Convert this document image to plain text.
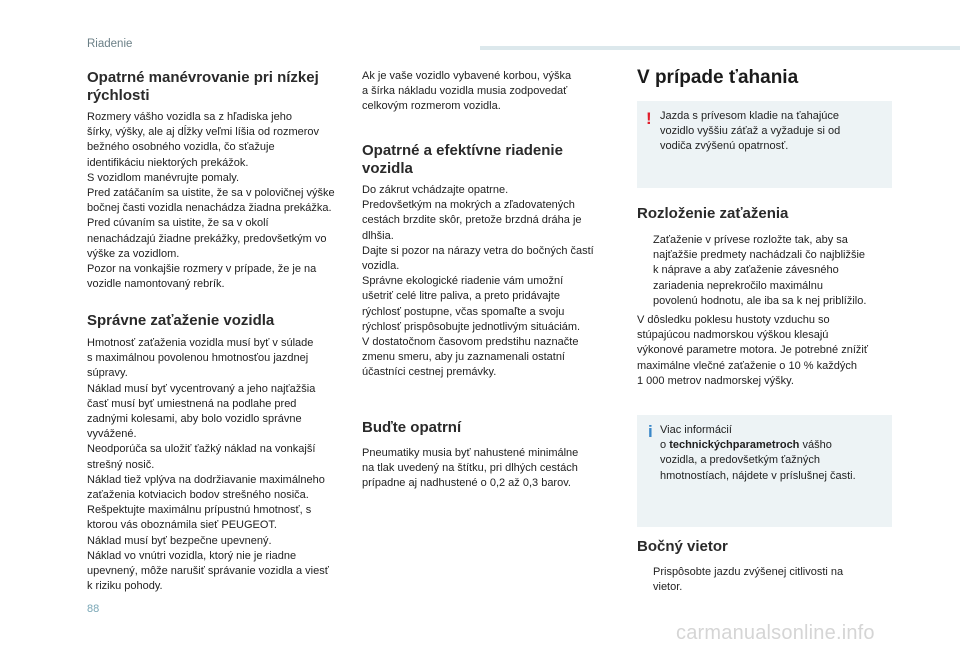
Riadenie
Opatrné manévrovanie pri nízkej
rýchlosti

Rozmery vášho vozidla sa z hľadiska jeho
šírky, výšky, ale aj dĺžky veľmi líšia od rozmerov
bežného osobného vozidla, čo sťažuje
identifikáciu niektorých prekážok.
S vozidlom manévrujte pomaly.
Pred zatáčaním sa uistite, že sa v polovičnej výške
bočnej časti vozidla nenachádza žiadna prekážka.
Pred cúvaním sa uistite, že sa v okolí
nenachádzajú žiadne prekážky, predovšetkým vo
výške za vozidlom.
Pozor na vonkajšie rozmery v prípade, že je na
vozidle namontovaný rebrík.

Správne zaťaženie vozidla

Hmotnosť zaťaženia vozidla musí byť v súlade
s maximálnou povolenou hmotnosťou jazdnej
súpravy.
Náklad musí byť vycentrovaný a jeho najťažšia
časť musí byť umiestnená na podlahe pred
zadnými kolesami, aby bolo vozidlo správne
vyvážené.
Neodporúča sa uložiť ťažký náklad na vonkajší
strešný nosič.
Náklad tiež vplýva na dodržiavanie maximálneho
zaťaženia kotviacich bodov strešného nosiča.
Rešpektujte maximálnu prípustnú hmotnosť, s
ktorou vás oboznámila sieť PEUGEOT.
Náklad musí byť bezpečne upevnený.
Náklad vo vnútri vozidla, ktorý nie je riadne
upevnený, môže narušiť správanie vozidla a viesť
k riziku pohody.

Ak je vaše vozidlo vybavené korbou, výška
a šírka nákladu vozidla musia zodpovedať
celkovým rozmerom vozidla.

Opatrné a efektívne riadenie
vozidla

Do zákrut vchádzajte opatrne.
Predovšetkým na mokrých a zľadovatených
cestách brzdite skôr, pretože brzdná dráha je
dlhšia.
Dajte si pozor na nárazy vetra do bočných častí
vozidla.
Správne ekologické riadenie vám umožní
ušetriť celé litre paliva, a preto pridávajte
rýchlosť postupne, včas spomaľte a svoju
rýchlosť prispôsobujte jednotlivým situáciám.
V dostatočnom časovom predstihu naznačte
zmenu smeru, aby ju zaznamenali ostatní
účastníci cestnej premávky.

Buďte opatrní

Pneumatiky musia byť nahustené minimálne
na tlak uvedený na štítku, pri dlhých cestách
prípadne aj nadhustené o 0,2 až 0,3 barov.

V prípade ťahania
! Jazda s prívesom kladie na ťahajúce
vozidlo vyššiu záťaž a vyžaduje si od
vodiča zvýšenú opatrnosť.
Rozloženie zaťaženia
Zaťaženie v prívese rozložte tak, aby sa
najťažšie predmety nachádzali čo najbližšie
k náprave a aby zaťaženie závesného
zariadenia neprekročilo maximálnu
povolenú hodnotu, ale iba sa k nej priblížilo.

V dôsledku poklesu hustoty vzduchu so
stúpajúcou nadmorskou výškou klesajú
výkonové parametre motora. Je potrebné znížiť
maximálne vlečné zaťaženie o 10 % každých
1 000 metrov nadmorskej výšky.

i Viac informácií
o technickýchparametroch vášho
vozidla, a predovšetkým ťažných
hmotnostíach, nájdete v príslušnej časti.
Bočný vietor
Prispôsobte jazdu zvýšenej citlivosti na
vietor.
88
carmanualsonline.info
